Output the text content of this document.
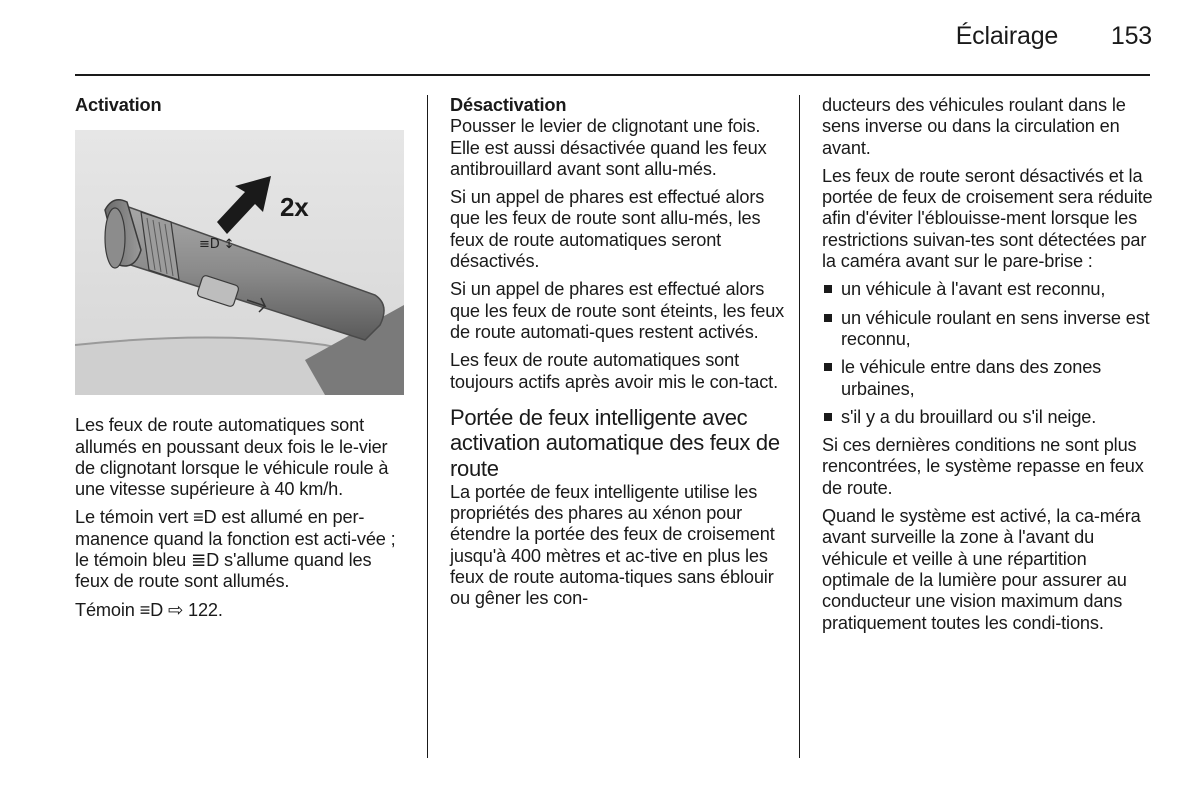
Éclairage 153
Activation
≡D ↕
2x

Les feux de route automatiques sont allumés en poussant deux fois le le-vier de clignotant lorsque le véhicule roule à une vitesse supérieure à 40 km/h.

Le témoin vert ≡D est allumé en per-manence quand la fonction est acti-vée ; le témoin bleu ≣D s'allume quand les feux de route sont allumés.

Témoin ≡D ⇨ 122.

Désactivation

Pousser le levier de clignotant une fois. Elle est aussi désactivée quand les feux antibrouillard avant sont allu-més.

Si un appel de phares est effectué alors que les feux de route sont allu-més, les feux de route automatiques seront désactivés.

Si un appel de phares est effectué alors que les feux de route sont éteints, les feux de route automati-ques restent activés.

Les feux de route automatiques sont toujours actifs après avoir mis le con-tact.

Portée de feux intelligente avec activation automatique des feux de route

La portée de feux intelligente utilise les propriétés des phares au xénon pour étendre la portée des feux de croisement jusqu'à 400 mètres et ac-tive en plus les feux de route automa-tiques sans éblouir ou gêner les con-

ducteurs des véhicules roulant dans le sens inverse ou dans la circulation en avant.

Les feux de route seront désactivés et la portée de feux de croisement sera réduite afin d'éviter l'éblouisse-ment lorsque les restrictions suivan-tes sont détectées par la caméra avant sur le pare-brise :

un véhicule à l'avant est reconnu,
un véhicule roulant en sens inverse est reconnu,
le véhicule entre dans des zones urbaines,
s'il y a du brouillard ou s'il neige.

Si ces dernières conditions ne sont plus rencontrées, le système repasse en feux de route.

Quand le système est activé, la ca-méra avant surveille la zone à l'avant du véhicule et veille à une répartition optimale de la lumière pour assurer au conducteur une vision maximum dans pratiquement toutes les condi-tions.
